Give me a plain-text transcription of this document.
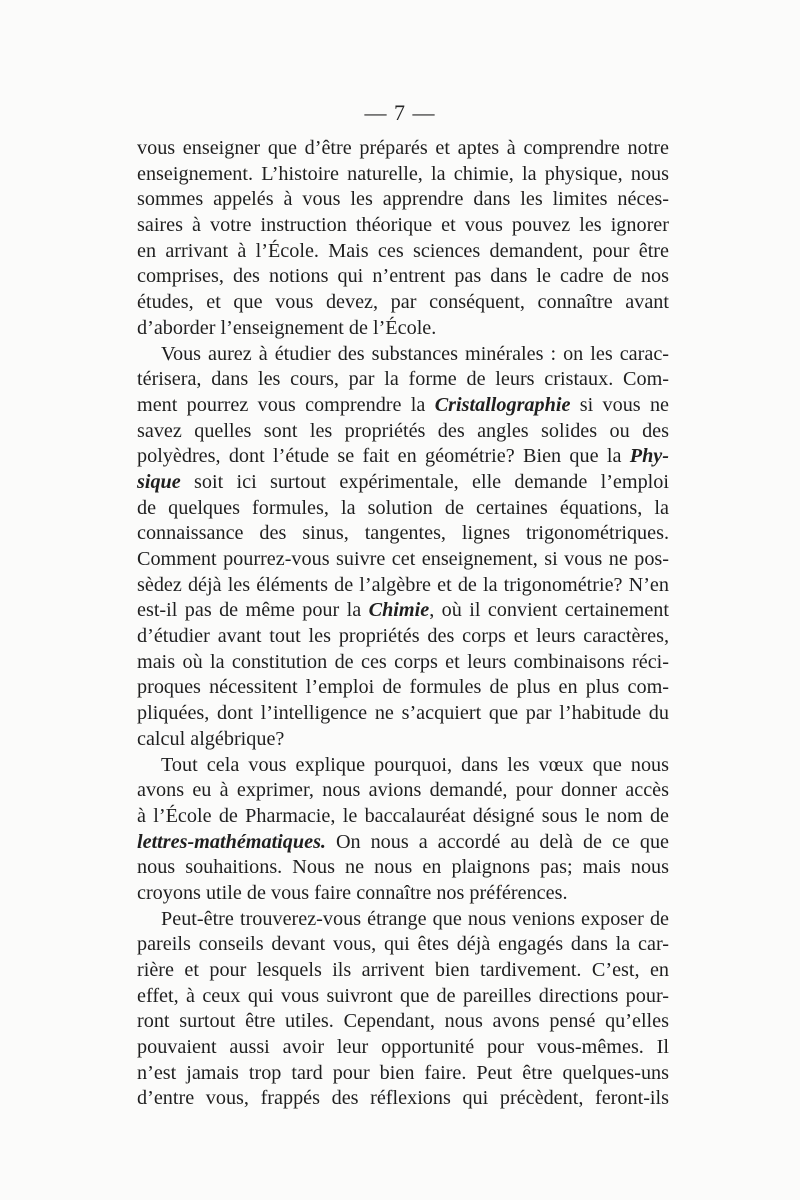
— 7 —
vous enseigner que d’être préparés et aptes à comprendre notre
enseignement. L’histoire naturelle, la chimie, la physique, nous
sommes appelés à vous les apprendre dans les limites néces-
saires à votre instruction théorique et vous pouvez les ignorer
en arrivant à l’École. Mais ces sciences demandent, pour être
comprises, des notions qui n’entrent pas dans le cadre de nos
études, et que vous devez, par conséquent, connaître avant
d’aborder l’enseignement de l’École.
Vous aurez à étudier des substances minérales : on les carac-
térisera, dans les cours, par la forme de leurs cristaux. Com-
ment pourrez vous comprendre la Cristallographie si vous ne
savez quelles sont les propriétés des angles solides ou des
polyèdres, dont l’étude se fait en géométrie? Bien que la Phy-
sique soit ici surtout expérimentale, elle demande l’emploi
de quelques formules, la solution de certaines équations, la
connaissance des sinus, tangentes, lignes trigonométriques.
Comment pourrez-vous suivre cet enseignement, si vous ne pos-
sèdez déjà les éléments de l’algèbre et de la trigonométrie? N’en
est-il pas de même pour la Chimie, où il convient certainement
d’étudier avant tout les propriétés des corps et leurs caractères,
mais où la constitution de ces corps et leurs combinaisons réci-
proques nécessitent l’emploi de formules de plus en plus com-
pliquées, dont l’intelligence ne s’acquiert que par l’habitude du
calcul algébrique?
Tout cela vous explique pourquoi, dans les vœux que nous
avons eu à exprimer, nous avions demandé, pour donner accès
à l’École de Pharmacie, le baccalauréat désigné sous le nom de
lettres-mathématiques. On nous a accordé au delà de ce que
nous souhaitions. Nous ne nous en plaignons pas; mais nous
croyons utile de vous faire connaître nos préférences.
Peut-être trouverez-vous étrange que nous venions exposer de
pareils conseils devant vous, qui êtes déjà engagés dans la car-
rière et pour lesquels ils arrivent bien tardivement. C’est, en
effet, à ceux qui vous suivront que de pareilles directions pour-
ront surtout être utiles. Cependant, nous avons pensé qu’elles
pouvaient aussi avoir leur opportunité pour vous-mêmes. Il
n’est jamais trop tard pour bien faire. Peut être quelques-uns
d’entre vous, frappés des réflexions qui précèdent, feront-ils
